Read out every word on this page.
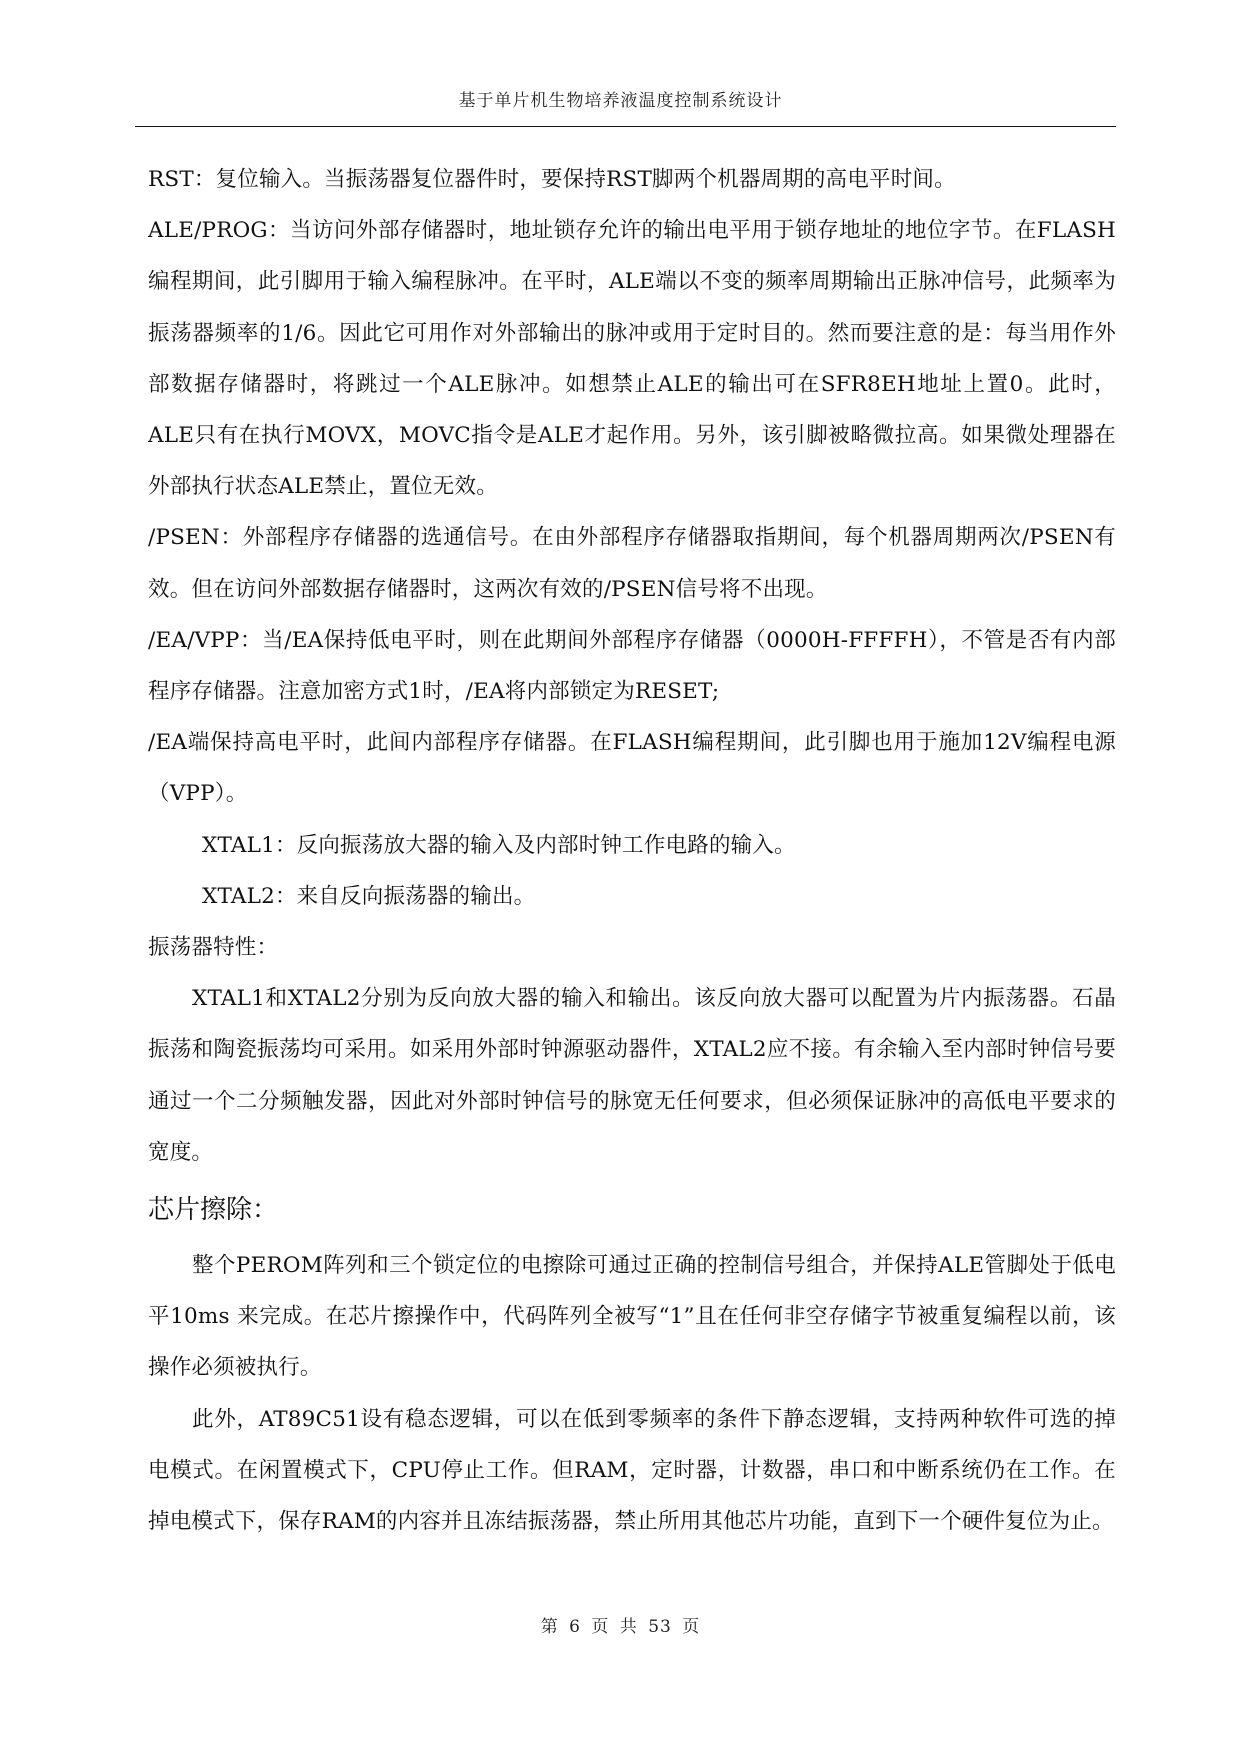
基于单片机生物培养液温度控制系统设计

RST：复位输入。当振荡器复位器件时，要保持RST脚两个机器周期的高电平时间。

ALE/PROG：当访问外部存储器时，地址锁存允许的输出电平用于锁存地址的地位字节。在FLASH编程期间，此引脚用于输入编程脉冲。在平时，ALE端以不变的频率周期输出正脉冲信号，此频率为振荡器频率的1/6。因此它可用作对外部输出的脉冲或用于定时目的。然而要注意的是：每当用作外部数据存储器时，将跳过一个ALE脉冲。如想禁止ALE的输出可在SFR8EH地址上置0。此时， ALE只有在执行MOVX，MOVC指令是ALE才起作用。另外，该引脚被略微拉高。如果微处理器在外部执行状态ALE禁止，置位无效。

/PSEN：外部程序存储器的选通信号。在由外部程序存储器取指期间，每个机器周期两次/PSEN有效。但在访问外部数据存储器时，这两次有效的/PSEN信号将不出现。

/EA/VPP：当/EA保持低电平时，则在此期间外部程序存储器（0000H-FFFFH），不管是否有内部程序存储器。注意加密方式1时，/EA将内部锁定为RESET;

/EA端保持高电平时，此间内部程序存储器。在FLASH编程期间，此引脚也用于施加12V编程电源（VPP）。

XTAL1：反向振荡放大器的输入及内部时钟工作电路的输入。

XTAL2：来自反向振荡器的输出。

振荡器特性：

XTAL1和XTAL2分别为反向放大器的输入和输出。该反向放大器可以配置为片内振荡器。石晶振荡和陶瓷振荡均可采用。如采用外部时钟源驱动器件，XTAL2应不接。有余输入至内部时钟信号要通过一个二分频触发器，因此对外部时钟信号的脉宽无任何要求，但必须保证脉冲的高低电平要求的宽度。

芯片擦除：

整个PEROM阵列和三个锁定位的电擦除可通过正确的控制信号组合，并保持ALE管脚处于低电平10ms 来完成。在芯片擦操作中，代码阵列全被写“1”且在任何非空存储字节被重复编程以前，该操作必须被执行。

此外，AT89C51设有稳态逻辑，可以在低到零频率的条件下静态逻辑，支持两种软件可选的掉电模式。在闲置模式下，CPU停止工作。但RAM，定时器，计数器，串口和中断系统仍在工作。在掉电模式下，保存RAM的内容并且冻结振荡器，禁止所用其他芯片功能，直到下一个硬件复位为止。

第 6 页 共 53 页
